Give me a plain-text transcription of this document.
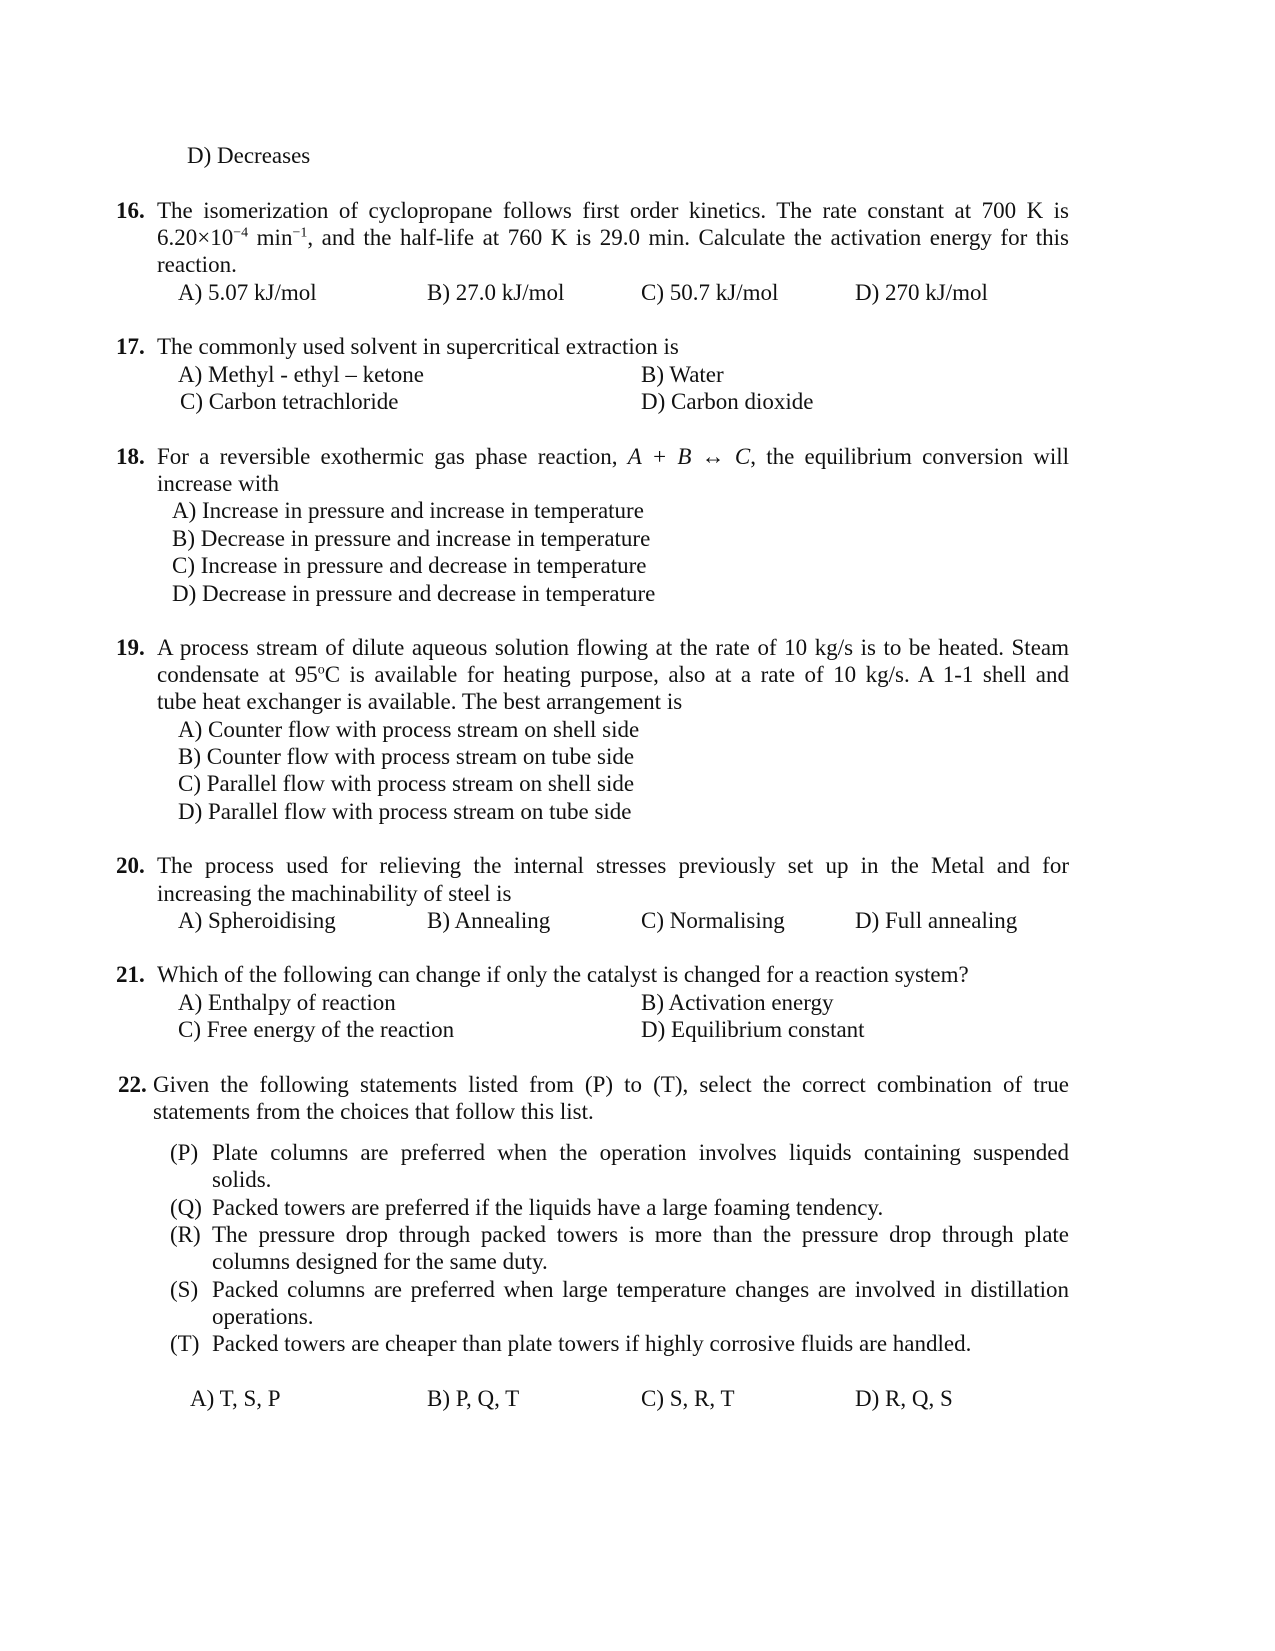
D) Decreases
16. The isomerization of cyclopropane follows first order kinetics. The rate constant at 700 K is
$6.20\times 10^{-4}$ $\min^{-1}$, and the half-life at 760 K is 29.0 min. Calculate the activation energy for this
reaction.
A) 5.07 kJ/mol	B) 27.0 kJ/mol	C) 50.7 kJ/mol	D) 270 kJ/mol
17. The commonly used solvent in supercritical extraction is
A) Methyl - ethyl – ketone	B) Water
C) Carbon tetrachloride	D) Carbon dioxide
18. For a reversible exothermic gas phase reaction, A + B ↔ C, the equilibrium conversion will
increase with
A) Increase in pressure and increase in temperature
B) Decrease in pressure and increase in temperature
C) Increase in pressure and decrease in temperature
D) Decrease in pressure and decrease in temperature
19. A process stream of dilute aqueous solution flowing at the rate of 10 kg/s is to be heated. Steam
condensate at 95$^o$C is available for heating purpose, also at a rate of 10 kg/s. A 1-1 shell and
tube heat exchanger is available. The best arrangement is
A) Counter flow with process stream on shell side
B) Counter flow with process stream on tube side
C) Parallel flow with process stream on shell side
D) Parallel flow with process stream on tube side
20. The process used for relieving the internal stresses previously set up in the Metal and for
increasing the machinability of steel is
A) Spheroidising	B) Annealing	C) Normalising	D) Full annealing
21. Which of the following can change if only the catalyst is changed for a reaction system?
A) Enthalpy of reaction	B) Activation energy
C) Free energy of the reaction	D) Equilibrium constant
22. Given the following statements listed from (P) to (T), select the correct combination of true
statements from the choices that follow this list.
(P) Plate columns are preferred when the operation involves liquids containing suspended
solids.
(Q) Packed towers are preferred if the liquids have a large foaming tendency.
(R) The pressure drop through packed towers is more than the pressure drop through plate
columns designed for the same duty.
(S) Packed columns are preferred when large temperature changes are involved in distillation
operations.
(T) Packed towers are cheaper than plate towers if highly corrosive fluids are handled.
A) T, S, P	B) P, Q, T	C) S, R, T	D) R, Q, S
